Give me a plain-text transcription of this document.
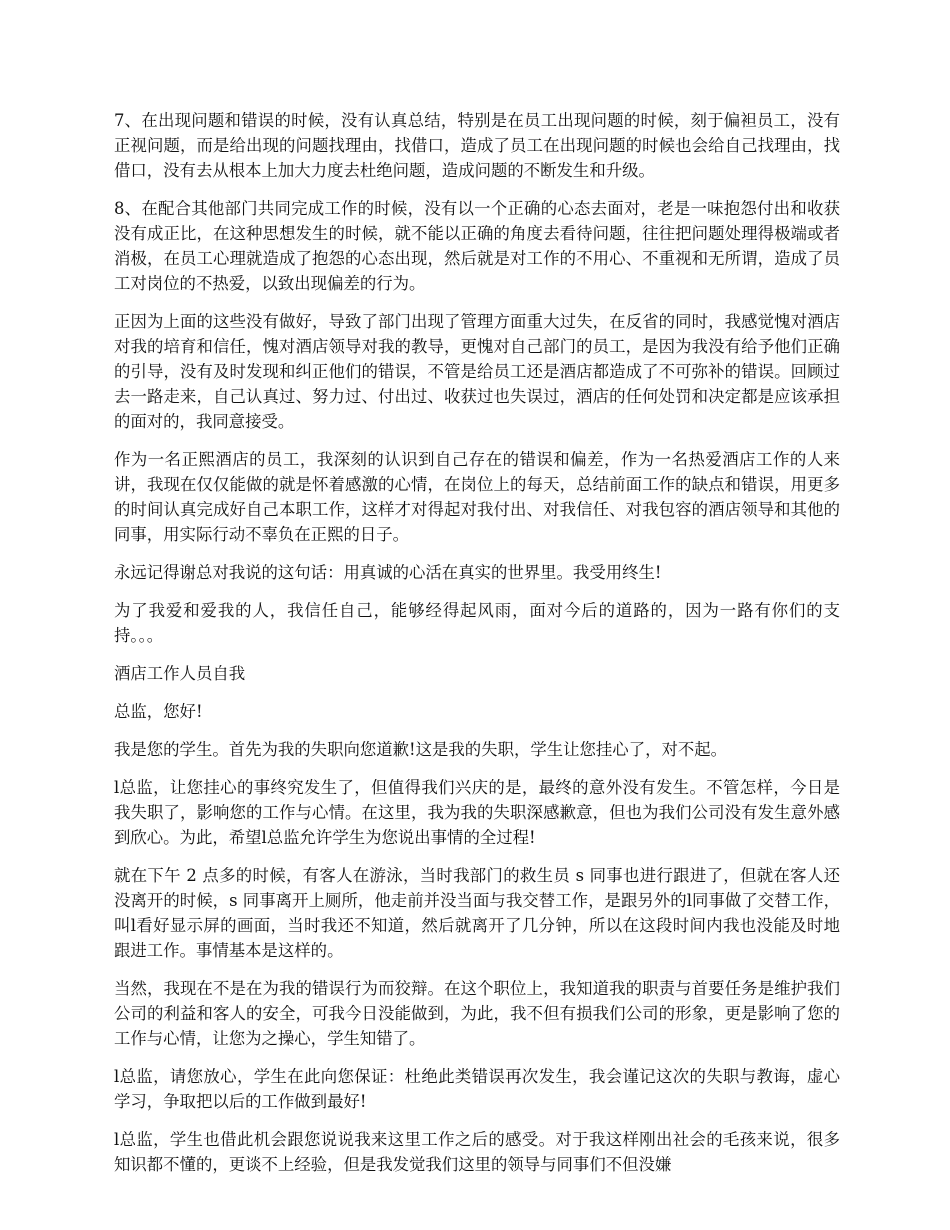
7、在出现问题和错误的时候，没有认真总结，特别是在员工出现问题的时候，刻于偏袒员工，没有正视问题，而是给出现的问题找理由，找借口，造成了员工在出现问题的时候也会给自己找理由，找借口，没有去从根本上加大力度去杜绝问题，造成问题的不断发生和升级。

8、在配合其他部门共同完成工作的时候，没有以一个正确的心态去面对，老是一味抱怨付出和收获没有成正比，在这种思想发生的时候，就不能以正确的角度去看待问题，往往把问题处理得极端或者消极，在员工心理就造成了抱怨的心态出现，然后就是对工作的不用心、不重视和无所谓，造成了员工对岗位的不热爱，以致出现偏差的行为。

正因为上面的这些没有做好，导致了部门出现了管理方面重大过失，在反省的同时，我感觉愧对酒店对我的培育和信任，愧对酒店领导对我的教导，更愧对自己部门的员工，是因为我没有给予他们正确的引导，没有及时发现和纠正他们的错误，不管是给员工还是酒店都造成了不可弥补的错误。回顾过去一路走来，自己认真过、努力过、付出过、收获过也失误过，酒店的任何处罚和决定都是应该承担的面对的，我同意接受。

作为一名正熙酒店的员工，我深刻的认识到自己存在的错误和偏差，作为一名热爱酒店工作的人来讲，我现在仅仅能做的就是怀着感激的心情，在岗位上的每天，总结前面工作的缺点和错误，用更多的时间认真完成好自己本职工作，这样才对得起对我付出、对我信任、对我包容的酒店领导和其他的同事，用实际行动不辜负在正熙的日子。

永远记得谢总对我说的这句话：用真诚的心活在真实的世界里。我受用终生!

为了我爱和爱我的人，我信任自己，能够经得起风雨，面对今后的道路的，因为一路有你们的支持。。。

酒店工作人员自我

总监，您好!

我是您的学生。首先为我的失职向您道歉!这是我的失职，学生让您挂心了，对不起。

l总监，让您挂心的事终究发生了，但值得我们兴庆的是，最终的意外没有发生。不管怎样，今日是我失职了，影响您的工作与心情。在这里，我为我的失职深感歉意，但也为我们公司没有发生意外感到欣心。为此，希望l总监允许学生为您说出事情的全过程!

就在下午 2 点多的时候，有客人在游泳，当时我部门的救生员 s 同事也进行跟进了，但就在客人还没离开的时候，s 同事离开上厕所，他走前并没当面与我交替工作，是跟另外的l同事做了交替工作，叫l看好显示屏的画面，当时我还不知道，然后就离开了几分钟，所以在这段时间内我也没能及时地跟进工作。事情基本是这样的。

当然，我现在不是在为我的错误行为而狡辩。在这个职位上，我知道我的职责与首要任务是维护我们公司的利益和客人的安全，可我今日没能做到，为此，我不但有损我们公司的形象，更是影响了您的工作与心情，让您为之操心，学生知错了。

l总监，请您放心，学生在此向您保证：杜绝此类错误再次发生，我会谨记这次的失职与教诲，虚心学习，争取把以后的工作做到最好!

l总监，学生也借此机会跟您说说我来这里工作之后的感受。对于我这样刚出社会的毛孩来说，很多知识都不懂的，更谈不上经验，但是我发觉我们这里的领导与同事们不但没嫌
